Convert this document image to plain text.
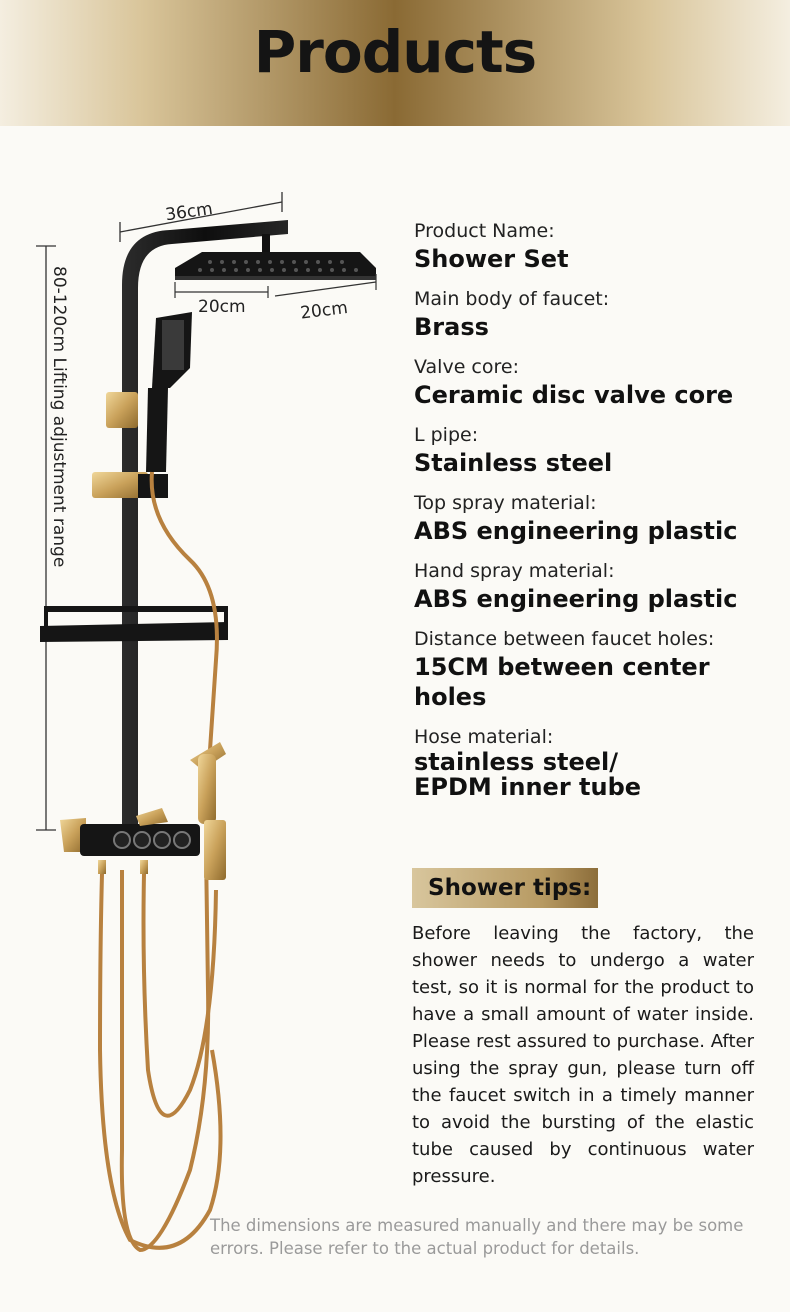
Products
36cm
80-120cm Lifting adjustment range	20cm	20cm
Product Name:
Shower Set
Main body of faucet:
Brass
Valve core:
Ceramic disc valve core
L pipe:
Stainless steel
Top spray material:
ABS engineering plastic
Hand spray material:
ABS engineering plastic
Distance between faucet holes:
15CM between center holes
Hose material:
stainless steel/
EPDM inner tube
Shower tips:

Before leaving the factory, the shower needs to undergo a water test, so it is normal for the product to have a small amount of water inside. Please rest assured to purchase. After using the spray gun, please turn off the faucet switch in a timely manner to avoid the bursting of the elastic tube caused by continuous water pressure.

The dimensions are measured manually and there may be some errors. Please refer to the actual product for details.
